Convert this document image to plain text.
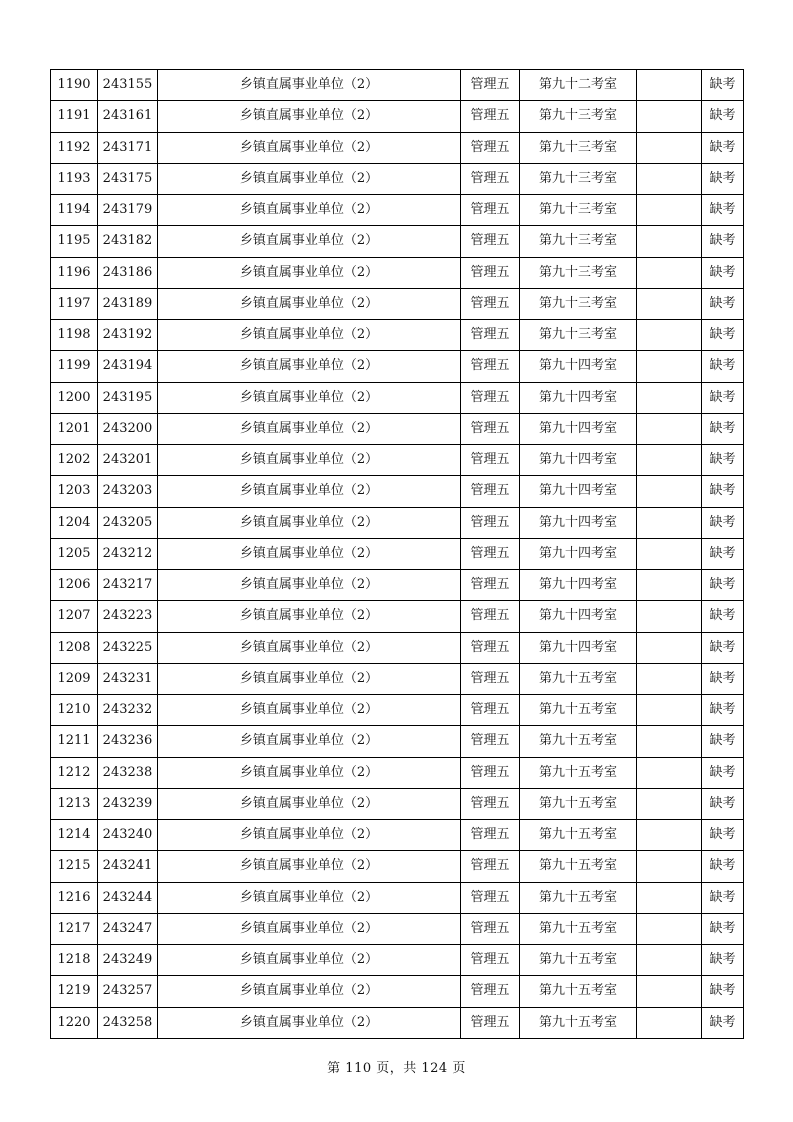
1190	243155	乡镇直属事业单位（2）	管理五	第九十二考室		缺考
1191	243161	乡镇直属事业单位（2）	管理五	第九十三考室		缺考
1192	243171	乡镇直属事业单位（2）	管理五	第九十三考室		缺考
1193	243175	乡镇直属事业单位（2）	管理五	第九十三考室		缺考
1194	243179	乡镇直属事业单位（2）	管理五	第九十三考室		缺考
1195	243182	乡镇直属事业单位（2）	管理五	第九十三考室		缺考
1196	243186	乡镇直属事业单位（2）	管理五	第九十三考室		缺考
1197	243189	乡镇直属事业单位（2）	管理五	第九十三考室		缺考
1198	243192	乡镇直属事业单位（2）	管理五	第九十三考室		缺考
1199	243194	乡镇直属事业单位（2）	管理五	第九十四考室		缺考
1200	243195	乡镇直属事业单位（2）	管理五	第九十四考室		缺考
1201	243200	乡镇直属事业单位（2）	管理五	第九十四考室		缺考
1202	243201	乡镇直属事业单位（2）	管理五	第九十四考室		缺考
1203	243203	乡镇直属事业单位（2）	管理五	第九十四考室		缺考
1204	243205	乡镇直属事业单位（2）	管理五	第九十四考室		缺考
1205	243212	乡镇直属事业单位（2）	管理五	第九十四考室		缺考
1206	243217	乡镇直属事业单位（2）	管理五	第九十四考室		缺考
1207	243223	乡镇直属事业单位（2）	管理五	第九十四考室		缺考
1208	243225	乡镇直属事业单位（2）	管理五	第九十四考室		缺考
1209	243231	乡镇直属事业单位（2）	管理五	第九十五考室		缺考
1210	243232	乡镇直属事业单位（2）	管理五	第九十五考室		缺考
1211	243236	乡镇直属事业单位（2）	管理五	第九十五考室		缺考
1212	243238	乡镇直属事业单位（2）	管理五	第九十五考室		缺考
1213	243239	乡镇直属事业单位（2）	管理五	第九十五考室		缺考
1214	243240	乡镇直属事业单位（2）	管理五	第九十五考室		缺考
1215	243241	乡镇直属事业单位（2）	管理五	第九十五考室		缺考
1216	243244	乡镇直属事业单位（2）	管理五	第九十五考室		缺考
1217	243247	乡镇直属事业单位（2）	管理五	第九十五考室		缺考
1218	243249	乡镇直属事业单位（2）	管理五	第九十五考室		缺考
1219	243257	乡镇直属事业单位（2）	管理五	第九十五考室		缺考
1220	243258	乡镇直属事业单位（2）	管理五	第九十五考室		缺考
第 110 页，共 124 页
